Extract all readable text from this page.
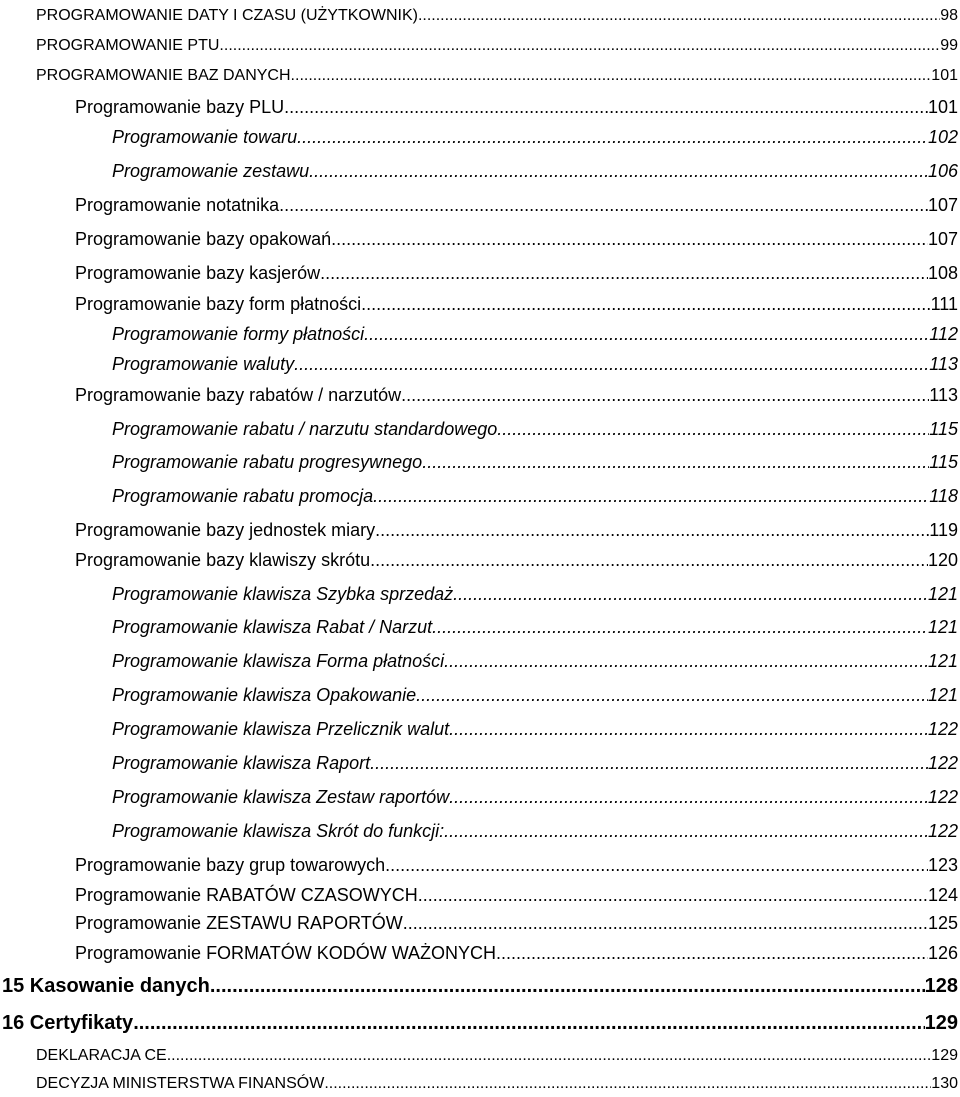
PROGRAMOWANIE DATY I CZASU (UŻYTKOWNIK) .....	98
PROGRAMOWANIE PTU .....	99
PROGRAMOWANIE BAZ DANYCH .....	101
Programowanie bazy PLU .....	101
Programowanie towaru .....	102
Programowanie zestawu .....	106
Programowanie notatnika .....	107
Programowanie bazy opakowań .....	107
Programowanie bazy kasjerów .....	108
Programowanie bazy form płatności .....	111
Programowanie formy płatności .....	112
Programowanie waluty .....	113
Programowanie bazy rabatów / narzutów .....	113
Programowanie rabatu / narzutu standardowego .....	115
Programowanie rabatu progresywnego .....	115
Programowanie rabatu promocja .....	118
Programowanie bazy jednostek miary .....	119
Programowanie bazy klawiszy skrótu .....	120
Programowanie klawisza Szybka sprzedaż .....	121
Programowanie klawisza Rabat / Narzut .....	121
Programowanie klawisza Forma płatności .....	121
Programowanie klawisza Opakowanie .....	121
Programowanie klawisza Przelicznik walut .....	122
Programowanie klawisza Raport .....	122
Programowanie klawisza Zestaw raportów .....	122
Programowanie klawisza Skrót do funkcji: .....	122
Programowanie bazy grup towarowych .....	123
Programowanie RABATÓW CZASOWYCH .....	124
Programowanie ZESTAWU RAPORTÓW .....	125
Programowanie FORMATÓW KODÓW WAŻONYCH .....	126
15 Kasowanie danych .....	128
16 Certyfikaty .....	129
DEKLARACJA CE .....	129
DECYZJA MINISTERSTWA FINANSÓW .....	130
